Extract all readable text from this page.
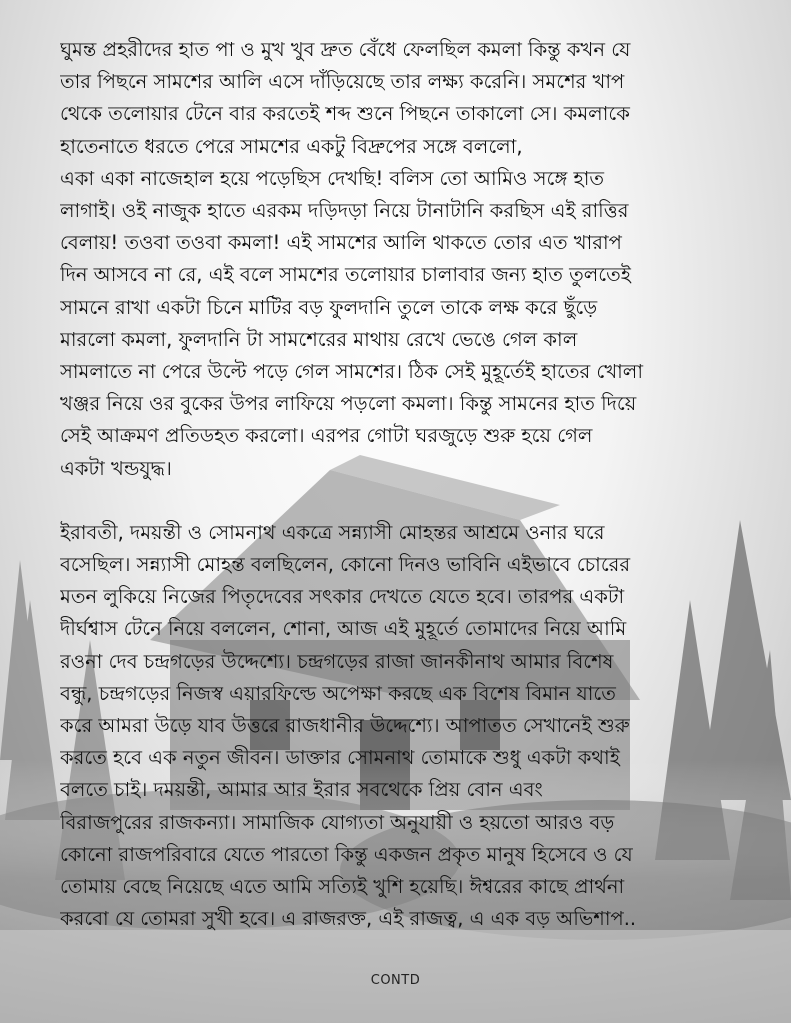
ঘুমন্ত প্রহরীদের হাত পা ও মুখ খুব দ্রুত বেঁধে ফেলছিল কমলা কিন্তু কখন যে
তার পিছনে সামশের আলি এসে দাঁড়িয়েছে তার লক্ষ্য করেনি। সমশের খাপ
থেকে তলোয়ার টেনে বার করতেই শব্দ শুনে পিছনে তাকালো সে। কমলাকে
হাতেনাতে ধরতে পেরে সামশের একটু বিদ্রুপের সঙ্গে বললো,
একা একা নাজেহাল হয়ে পড়েছিস দেখছি! বলিস তো আমিও সঙ্গে হাত
লাগাই। ওই নাজুক হাতে এরকম দড়িদড়া নিয়ে টানাটানি করছিস এই রাত্তির
বেলায়! তওবা তওবা কমলা! এই সামশের আলি থাকতে তোর এত খারাপ
দিন আসবে না রে, এই বলে সামশের তলোয়ার চালাবার জন্য হাত তুলতেই
সামনে রাখা একটা চিনে মাটির বড় ফুলদানি তুলে তাকে লক্ষ করে ছুঁড়ে
মারলো কমলা, ফুলদানি টা সামশেরের মাথায় রেখে ভেঙে গেল কাল
সামলাতে না পেরে উল্টে পড়ে গেল সামশের। ঠিক সেই মুহূর্তেই হাতের খোলা
খঞ্জর নিয়ে ওর বুকের উপর লাফিয়ে পড়লো কমলা। কিন্তু সামনের হাত দিয়ে
সেই আক্রমণ প্রতিডহত করলো। এরপর গোটা ঘরজুড়ে শুরু হয়ে গেল
একটা খন্ডযুদ্ধ।

ইরাবতী, দময়ন্তী ও সোমনাথ একত্রে সন্ন্যাসী মোহন্তর আশ্রমে ওনার ঘরে
বসেছিল। সন্ন্যাসী মোহন্ত বলছিলেন, কোনো দিনও ভাবিনি এইভাবে চোরের
মতন লুকিয়ে নিজের পিতৃদেবের সৎকার দেখতে যেতে হবে। তারপর একটা
দীর্ঘশ্বাস টেনে নিয়ে বললেন, শোনা, আজ এই মুহূর্তে তোমাদের নিয়ে আমি
রওনা দেব চন্দ্রগড়ের উদ্দেশ্যে। চন্দ্রগড়ের রাজা জানকীনাথ আমার বিশেষ
বন্ধু, চন্দ্রগড়ের নিজস্ব এয়ারফিল্ডে অপেক্ষা করছে এক বিশেষ বিমান যাতে
করে আমরা উড়ে যাব উত্তরে রাজধানীর উদ্দেশ্যে। আপাতত সেখানেই শুরু
করতে হবে এক নতুন জীবন। ডাক্তার সোমনাথ তোমাকে শুধু একটা কথাই
বলতে চাই। দময়ন্তী, আমার আর ইরার সবথেকে প্রিয় বোন এবং
বিরাজপুরের রাজকন্যা। সামাজিক যোগ্যতা অনুযায়ী ও হয়তো আরও বড়
কোনো রাজপরিবারে যেতে পারতো কিন্তু একজন প্রকৃত মানুষ হিসেবে ও যে
তোমায় বেছে নিয়েছে এতে আমি সত্যিই খুশি হয়েছি। ঈশ্বরের কাছে প্রার্থনা
করবো যে তোমরা সুখী হবে। এ রাজরক্ত, এই রাজত্ব, এ এক বড় অভিশাপ..

CONTD
